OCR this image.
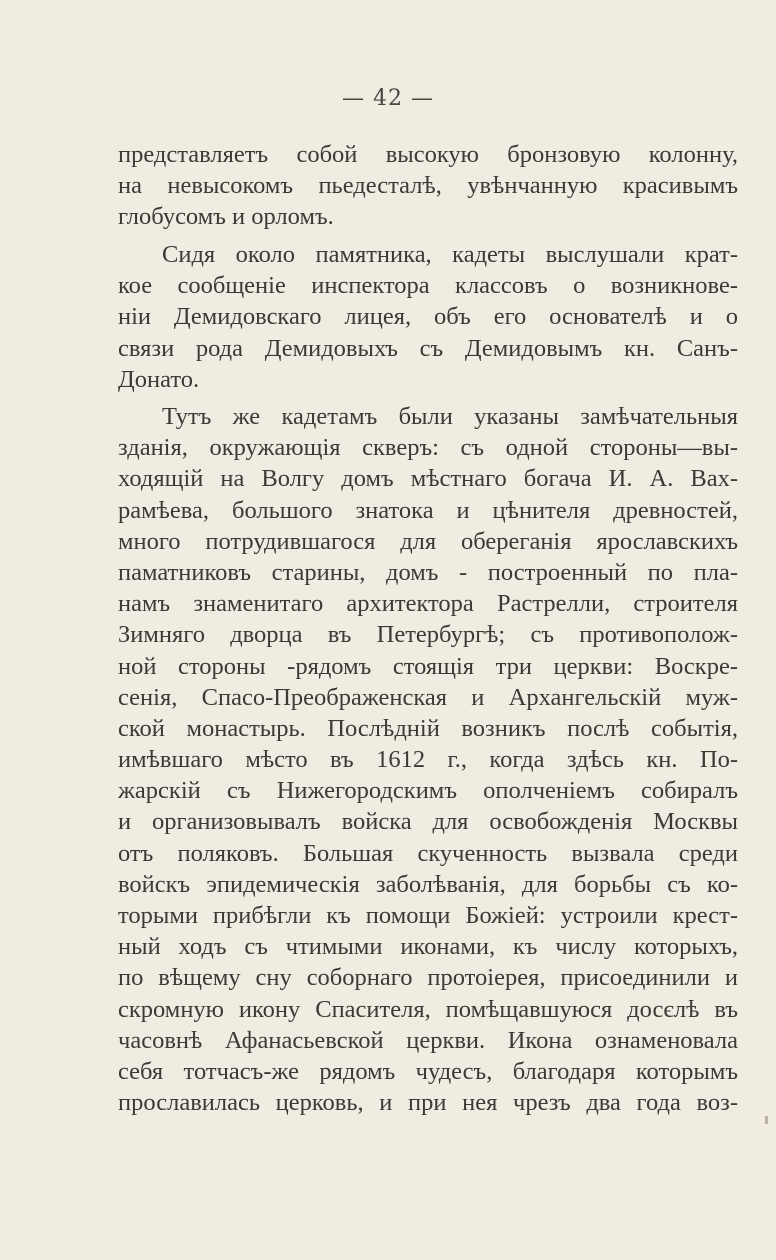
— 42 —
представляетъ собой высокую бронзовую колонну,
на невысокомъ пьедесталѣ, увѣнчанную красивымъ
глобусомъ и орломъ.
Сидя около памятника, кадеты выслушали крат-
кое сообщеніе инспектора классовъ о возникнове-
ніи Демидовскаго лицея, объ его основателѣ и о
связи рода Демидовыхъ съ Демидовымъ кн. Санъ-
Донато.
Тутъ же кадетамъ были указаны замѣчательныя
зданія, окружающія скверъ: съ одной стороны—вы-
ходящій на Волгу домъ мѣстнаго богача И. А. Вах-
рамѣева, большого знатока и цѣнителя древностей,
много потрудившагося для обереганія ярославскихъ
паматниковъ старины, домъ - построенный по пла-
намъ знаменитаго архитектора Растрелли, строителя
Зимняго дворца въ Петербургѣ; съ противополож-
ной стороны -рядомъ стоящія три церкви: Воскре-
сенія, Спасо-Преображенская и Архангельскій муж-
ской монастырь. Послѣдній возникъ послѣ событія,
имѣвшаго мѣсто въ 1612 г., когда здѣсь кн. По-
жарскій съ Нижегородскимъ ополченіемъ собиралъ
и организовывалъ войска для освобожденія Москвы
отъ поляковъ. Большая скученность вызвала среди
войскъ эпидемическія заболѣванія, для борьбы съ ко-
торыми прибѣгли къ помощи Божіей: устроили крест-
ный ходъ съ чтимыми иконами, къ числу которыхъ,
по вѣщему сну соборнаго протоіерея, присоединили и
скромную икону Спасителя, помѣщавшуюся досєлѣ въ
часовнѣ Афанасьевской церкви. Икона ознаменовала
себя тотчасъ-же рядомъ чудесъ, благодаря которымъ
прославилась церковь, и при нея чрезъ два года воз-
